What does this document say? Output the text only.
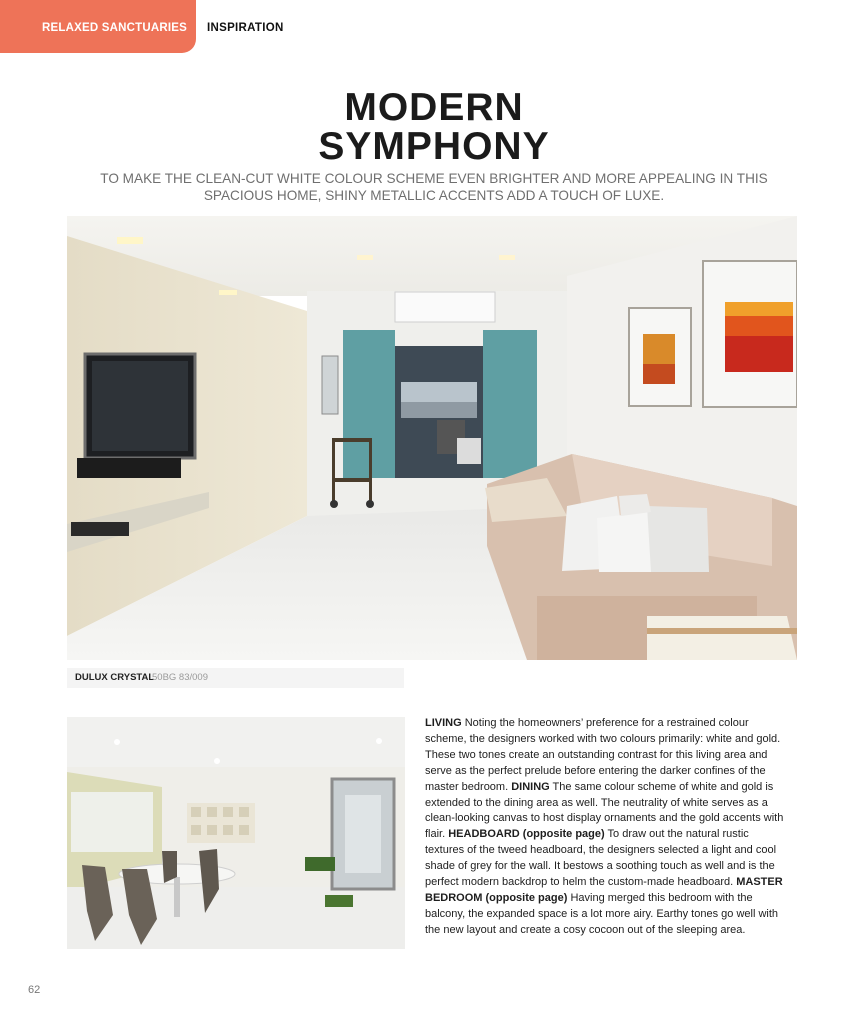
RELAXED SANCTUARIES INSPIRATION
MODERN
SYMPHONY

TO MAKE THE CLEAN-CUT WHITE COLOUR SCHEME EVEN BRIGHTER AND MORE APPEALING IN THIS SPACIOUS HOME, SHINY METALLIC ACCENTS ADD A TOUCH OF LUXE.

DULUX CRYSTAL
50BG 83/009

LIVING Noting the homeowners’ preference for a restrained colour scheme, the designers worked with two colours primarily: white and gold. These two tones create an outstanding contrast for this living area and serve as the perfect prelude before entering the darker confines of the master bedroom. DINING The same colour scheme of white and gold is extended to the dining area as well. The neutrality of white serves as a clean-looking canvas to host display ornaments and the gold accents with flair. HEADBOARD (opposite page) To draw out the natural rustic textures of the tweed headboard, the designers selected a light and cool shade of grey for the wall. It bestows a soothing touch as well and is the perfect modern backdrop to helm the custom-made headboard. MASTER BEDROOM (opposite page) Having merged this bedroom with the balcony, the expanded space is a lot more airy. Earthy tones go well with the new layout and create a cosy cocoon out of the sleeping area.

62
